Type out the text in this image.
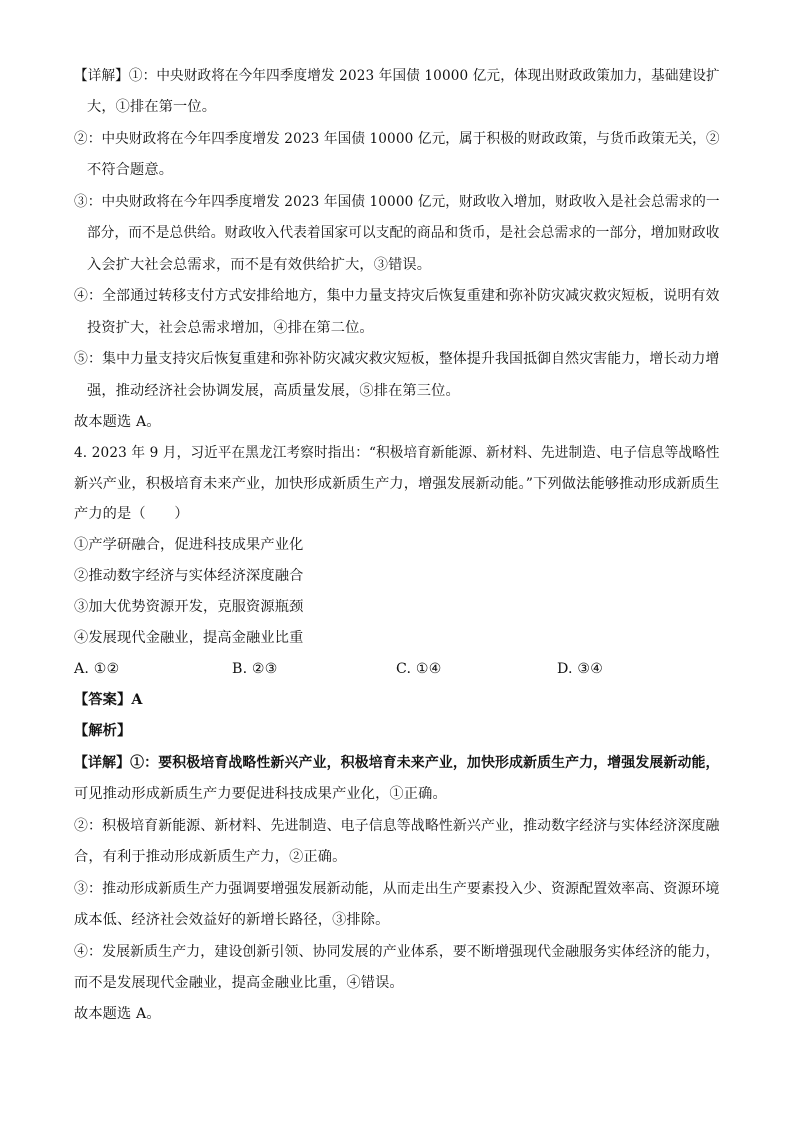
【详解】①：中央财政将在今年四季度增发 2023 年国债 10000 亿元，体现出财政政策加力，基础建设扩
大，①排在第一位。
②：中央财政将在今年四季度增发 2023 年国债 10000 亿元，属于积极的财政政策，与货币政策无关，②
不符合题意。
③：中央财政将在今年四季度增发 2023 年国债 10000 亿元，财政收入增加，财政收入是社会总需求的一
部分，而不是总供给。财政收入代表着国家可以支配的商品和货币，是社会总需求的一部分，增加财政收
入会扩大社会总需求，而不是有效供给扩大，③错误。
④：全部通过转移支付方式安排给地方，集中力量支持灾后恢复重建和弥补防灾减灾救灾短板，说明有效
投资扩大，社会总需求增加，④排在第二位。
⑤：集中力量支持灾后恢复重建和弥补防灾减灾救灾短板，整体提升我国抵御自然灾害能力，增长动力增
强，推动经济社会协调发展，高质量发展，⑤排在第三位。
故本题选 A。
4. 2023 年 9 月，习近平在黑龙江考察时指出：“积极培育新能源、新材料、先进制造、电子信息等战略性
新兴产业，积极培育未来产业，加快形成新质生产力，增强发展新动能。”下列做法能够推动形成新质生
产力的是（　　）
①产学研融合，促进科技成果产业化
②推动数字经济与实体经济深度融合
③加大优势资源开发，克服资源瓶颈
④发展现代金融业，提高金融业比重
A. ①②	B. ②③	C. ①④	D. ③④
【答案】A
【解析】
【详解】①：要积极培育战略性新兴产业，积极培育未来产业，加快形成新质生产力，增强发展新动能，
可见推动形成新质生产力要促进科技成果产业化，①正确。
②：积极培育新能源、新材料、先进制造、电子信息等战略性新兴产业，推动数字经济与实体经济深度融
合，有利于推动形成新质生产力，②正确。
③：推动形成新质生产力强调要增强发展新动能，从而走出生产要素投入少、资源配置效率高、资源环境
成本低、经济社会效益好的新增长路径，③排除。
④：发展新质生产力，建设创新引领、协同发展的产业体系，要不断增强现代金融服务实体经济的能力，
而不是发展现代金融业，提高金融业比重，④错误。
故本题选 A。
